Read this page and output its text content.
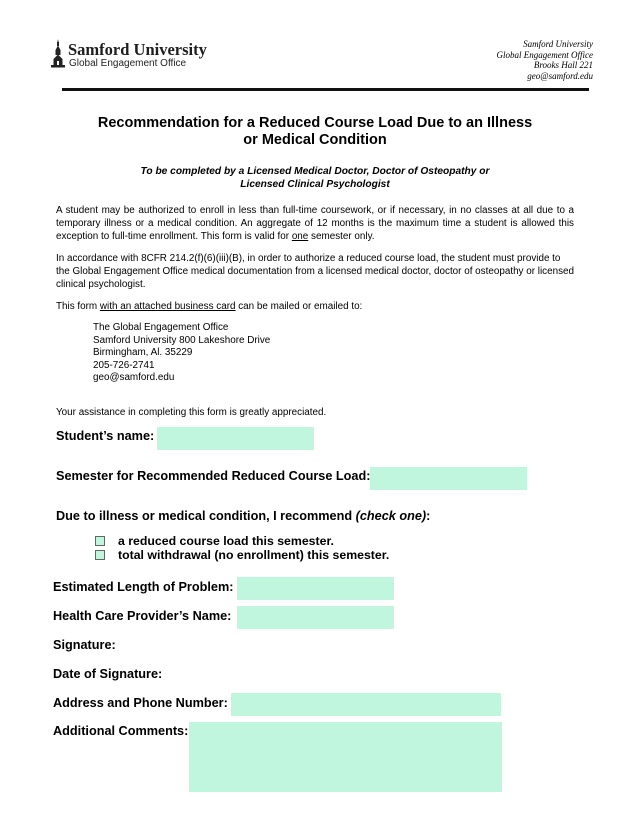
Samford University
Global Engagement Office
Samford University
Global Engagement Office
Brooks Hall 221
geo@samford.edu
Recommendation for a Reduced Course Load Due to an Illness
or Medical Condition
To be completed by a Licensed Medical Doctor, Doctor of Osteopathy or
Licensed Clinical Psychologist
A student may be authorized to enroll in less than full-time coursework, or if necessary, in no classes at all due to a temporary illness or a medical condition. An aggregate of 12 months is the maximum time a student is allowed this exception to full-time enrollment. This form is valid for one semester only.
In accordance with 8CFR 214.2(f)(6)(iii)(B), in order to authorize a reduced course load, the student must provide to the Global Engagement Office medical documentation from a licensed medical doctor, doctor of osteopathy or licensed clinical psychologist.
This form with an attached business card can be mailed or emailed to:
The Global Engagement Office
Samford University 800 Lakeshore Drive
Birmingham, Al. 35229
205-726-2741
geo@samford.edu
Your assistance in completing this form is greatly appreciated.
Student’s name:
Semester for Recommended Reduced Course Load:
Due to illness or medical condition, I recommend (check one):
a reduced course load this semester.
total withdrawal (no enrollment) this semester.
Estimated Length of Problem:
Health Care Provider’s Name:
Signature:
Date of Signature:
Address and Phone Number:
Additional Comments:
